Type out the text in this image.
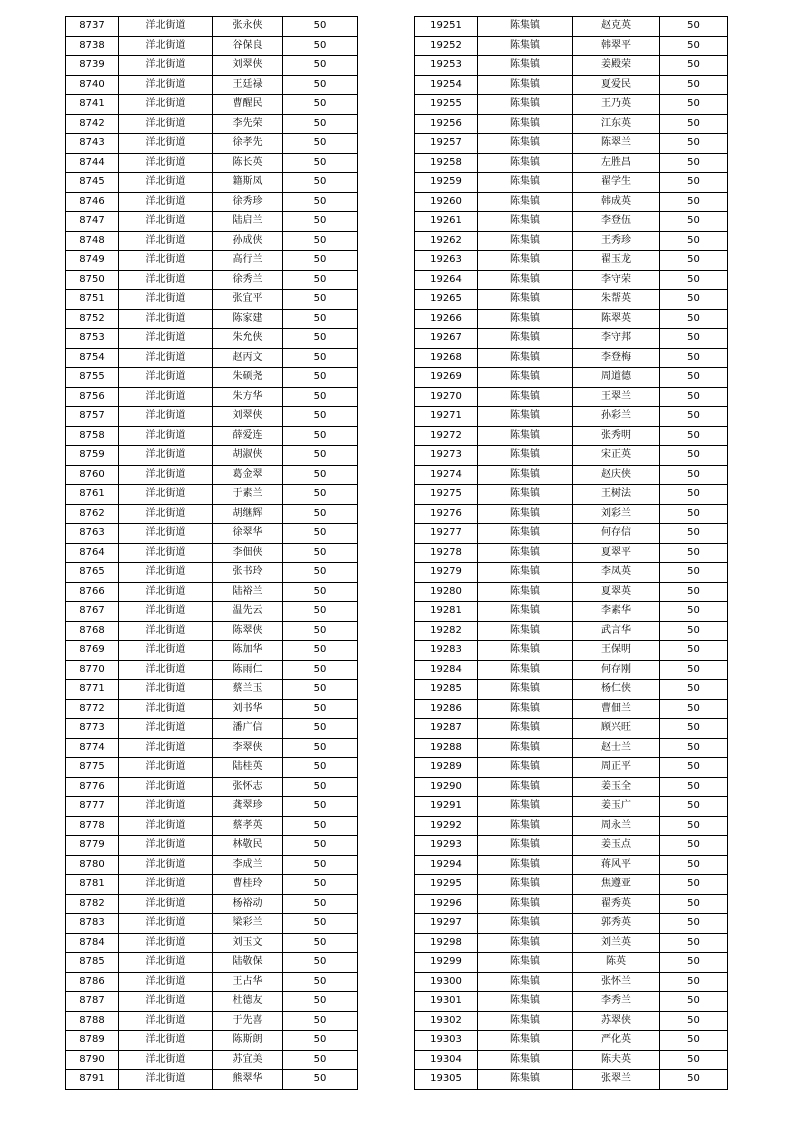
8737	洋北街道	张永侠	50
8738	洋北街道	谷保良	50
8739	洋北街道	刘翠侠	50
8740	洋北街道	王廷禄	50
8741	洋北街道	曹醒民	50
8742	洋北街道	李先荣	50
8743	洋北街道	徐孝先	50
8744	洋北街道	陈长英	50
8745	洋北街道	籍斯凤	50
8746	洋北街道	徐秀珍	50
8747	洋北街道	陆启兰	50
8748	洋北街道	孙成侠	50
8749	洋北街道	高行兰	50
8750	洋北街道	徐秀兰	50
8751	洋北街道	张宜平	50
8752	洋北街道	陈家建	50
8753	洋北街道	朱允侠	50
8754	洋北街道	赵丙文	50
8755	洋北街道	朱硕尧	50
8756	洋北街道	朱方华	50
8757	洋北街道	刘翠侠	50
8758	洋北街道	薛爱连	50
8759	洋北街道	胡淑侠	50
8760	洋北街道	葛金翠	50
8761	洋北街道	于素兰	50
8762	洋北街道	胡继辉	50
8763	洋北街道	徐翠华	50
8764	洋北街道	李佃侠	50
8765	洋北街道	张书玲	50
8766	洋北街道	陆裕兰	50
8767	洋北街道	温先云	50
8768	洋北街道	陈翠侠	50
8769	洋北街道	陈加华	50
8770	洋北街道	陈雨仁	50
8771	洋北街道	蔡兰玉	50
8772	洋北街道	刘书华	50
8773	洋北街道	潘广信	50
8774	洋北街道	李翠侠	50
8775	洋北街道	陆桂英	50
8776	洋北街道	张怀志	50
8777	洋北街道	龚翠珍	50
8778	洋北街道	蔡孝英	50
8779	洋北街道	林敬民	50
8780	洋北街道	李成兰	50
8781	洋北街道	曹桂玲	50
8782	洋北街道	杨裕动	50
8783	洋北街道	梁彩兰	50
8784	洋北街道	刘玉文	50
8785	洋北街道	陆敬保	50
8786	洋北街道	王占华	50
8787	洋北街道	杜德友	50
8788	洋北街道	于先喜	50
8789	洋北街道	陈斯朗	50
8790	洋北街道	苏宜美	50
8791	洋北街道	熊翠华	50
19251	陈集镇	赵克英	50
19252	陈集镇	韩翠平	50
19253	陈集镇	姜殿荣	50
19254	陈集镇	夏爱民	50
19255	陈集镇	王乃英	50
19256	陈集镇	江东英	50
19257	陈集镇	陈翠兰	50
19258	陈集镇	左胜昌	50
19259	陈集镇	翟学生	50
19260	陈集镇	韩成英	50
19261	陈集镇	李登伍	50
19262	陈集镇	王秀珍	50
19263	陈集镇	翟玉龙	50
19264	陈集镇	李守荣	50
19265	陈集镇	朱帮英	50
19266	陈集镇	陈翠英	50
19267	陈集镇	李守邦	50
19268	陈集镇	李登梅	50
19269	陈集镇	周道德	50
19270	陈集镇	王翠兰	50
19271	陈集镇	孙彩兰	50
19272	陈集镇	张秀明	50
19273	陈集镇	宋正英	50
19274	陈集镇	赵庆侠	50
19275	陈集镇	王树法	50
19276	陈集镇	刘彩兰	50
19277	陈集镇	何存信	50
19278	陈集镇	夏翠平	50
19279	陈集镇	李凤英	50
19280	陈集镇	夏翠英	50
19281	陈集镇	李素华	50
19282	陈集镇	武言华	50
19283	陈集镇	王保明	50
19284	陈集镇	何存刚	50
19285	陈集镇	杨仁侠	50
19286	陈集镇	曹佃兰	50
19287	陈集镇	顾兴旺	50
19288	陈集镇	赵士兰	50
19289	陈集镇	周正平	50
19290	陈集镇	姜玉全	50
19291	陈集镇	姜玉广	50
19292	陈集镇	周永兰	50
19293	陈集镇	姜玉点	50
19294	陈集镇	蒋风平	50
19295	陈集镇	焦遵亚	50
19296	陈集镇	翟秀英	50
19297	陈集镇	郭秀英	50
19298	陈集镇	刘兰英	50
19299	陈集镇	陈英	50
19300	陈集镇	张怀兰	50
19301	陈集镇	李秀兰	50
19302	陈集镇	苏翠侠	50
19303	陈集镇	严化英	50
19304	陈集镇	陈夫英	50
19305	陈集镇	张翠兰	50
